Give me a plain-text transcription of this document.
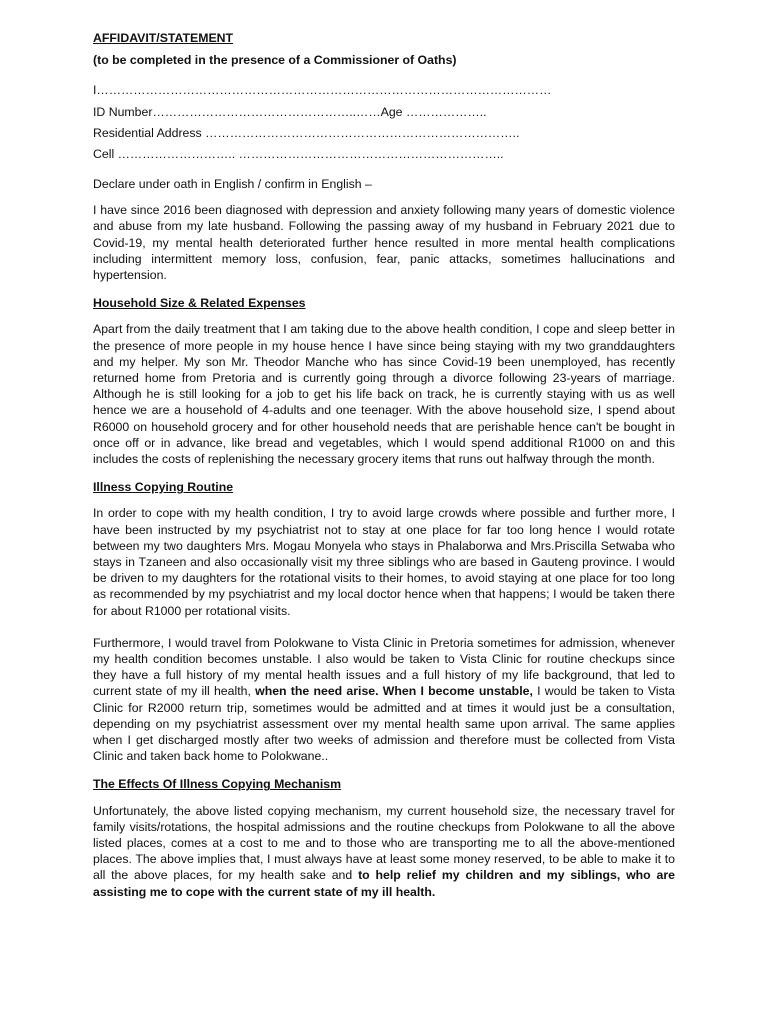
AFFIDAVIT/STATEMENT

(to be completed in the presence of a Commissioner of Oaths)

I…………………………………………………………………………………………………

ID Number…………………………………………..……Age ………………..

Residential Address …………………………………………………………………..

Cell ……………………….. ………………………………………………………..

Declare under oath in English / confirm in English –

I have since 2016 been diagnosed with depression and anxiety following many years of domestic violence and abuse from my late husband. Following the passing away of my husband in February 2021 due to Covid-19, my mental health deteriorated further hence resulted in more mental health complications including intermittent memory loss, confusion, fear, panic attacks, sometimes hallucinations and hypertension.

Household Size & Related Expenses

Apart from the daily treatment that I am taking due to the above health condition, I cope and sleep better in the presence of more people in my house hence I have since being staying with my two granddaughters and my helper. My son Mr. Theodor Manche who has since Covid-19 been unemployed, has recently returned home from Pretoria and is currently going through a divorce following 23-years of marriage. Although he is still looking for a job to get his life back on track, he is currently staying with us as well hence we are a household of 4-adults and one teenager. With the above household size, I spend about R6000 on household grocery and for other household needs that are perishable hence can't be bought in once off or in advance, like bread and vegetables, which I would spend additional R1000 on and this includes the costs of replenishing the necessary grocery items that runs out halfway through the month.

Illness Copying Routine

In order to cope with my health condition, I try to avoid large crowds where possible and further more, I have been instructed by my psychiatrist not to stay at one place for far too long hence I would rotate between my two daughters Mrs. Mogau Monyela who stays in Phalaborwa and Mrs.Priscilla Setwaba who stays in Tzaneen and also occasionally visit my three siblings who are based in Gauteng province. I would be driven to my daughters for the rotational visits to their homes, to avoid staying at one place for too long as recommended by my psychiatrist and my local doctor hence when that happens; I would be taken there for about R1000 per rotational visits.

Furthermore, I would travel from Polokwane to Vista Clinic in Pretoria sometimes for admission, whenever my health condition becomes unstable. I also would be taken to Vista Clinic for routine checkups since they have a full history of my mental health issues and a full history of my life background, that led to current state of my ill health, when the need arise. When I become unstable, I would be taken to Vista Clinic for R2000 return trip, sometimes would be admitted and at times it would just be a consultation, depending on my psychiatrist assessment over my mental health same upon arrival. The same applies when I get discharged mostly after two weeks of admission and therefore must be collected from Vista Clinic and taken back home to Polokwane..

The Effects Of Illness Copying Mechanism

Unfortunately, the above listed copying mechanism, my current household size, the necessary travel for family visits/rotations, the hospital admissions and the routine checkups from Polokwane to all the above listed places, comes at a cost to me and to those who are transporting me to all the above-mentioned places. The above implies that, I must always have at least some money reserved, to be able to make it to all the above places, for my health sake and to help relief my children and my siblings, who are assisting me to cope with the current state of my ill health.
